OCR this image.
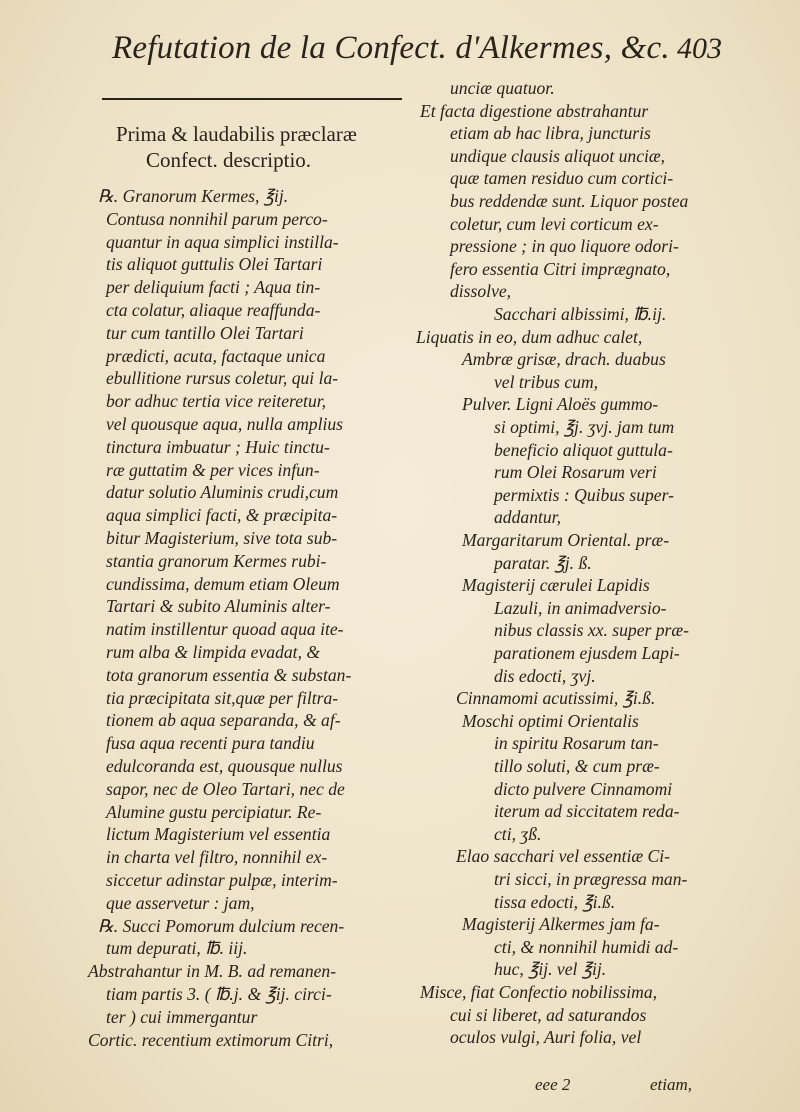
Refutation de la Confect. d'Alkermes, &c. 403
Prima & laudabilis præclaræ
Confect. descriptio.
℞. Granorum Kermes, ℥ij.
Contusa nonnihil parum perco-
quantur in aqua simplici instilla-
tis aliquot guttulis Olei Tartari
per deliquium facti ; Aqua tin-
cta colatur, aliaque reaffunda-
tur cum tantillo Olei Tartari
prædicti, acuta, factaque unica
ebullitione rursus coletur, qui la-
bor adhuc tertia vice reiteretur,
vel quousque aqua, nulla amplius
tinctura imbuatur ; Huic tinctu-
ræ guttatim & per vices infun-
datur solutio Aluminis crudi,cum
aqua simplici facti, & præcipita-
bitur Magisterium, sive tota sub-
stantia granorum Kermes rubi-
cundissima, demum etiam Oleum
Tartari & subito Aluminis alter-
natim instillentur quoad aqua ite-
rum alba & limpida evadat, &
tota granorum essentia & substan-
tia præcipitata sit,quæ per filtra-
tionem ab aqua separanda, & af-
fusa aqua recenti pura tandiu
edulcoranda est, quousque nullus
sapor, nec de Oleo Tartari, nec de
Alumine gustu percipiatur. Re-
lictum Magisterium vel essentia
in charta vel filtro, nonnihil ex-
siccetur adinstar pulpæ, interim-
que asservetur : jam,
℞. Succi Pomorum dulcium recen-
tum depurati, ℔. iij.
Abstrahantur in M. B. ad remanen-
tiam partis 3. ( ℔.j. & ℥ij. circi-
ter ) cui immergantur
Cortic. recentium extimorum Citri,
unciæ quatuor.
Et facta digestione abstrahantur
etiam ab hac libra, juncturis
undique clausis aliquot unciæ,
quæ tamen residuo cum cortici-
bus reddendæ sunt. Liquor postea
coletur, cum levi corticum ex-
pressione ; in quo liquore odori-
fero essentia Citri imprægnato,
dissolve,
Sacchari albissimi, ℔.ij.
Liquatis in eo, dum adhuc calet,
Ambræ grisæ, drach. duabus
vel tribus cum,
Pulver. Ligni Aloës gummo-
si optimi, ℥j. ʒvj. jam tum
beneficio aliquot guttula-
rum Olei Rosarum veri
permixtis : Quibus super-
addantur,
Margaritarum Oriental. præ-
paratar. ℥j. ß.
Magisterij cærulei Lapidis
Lazuli, in animadversio-
nibus classis xx. super præ-
parationem ejusdem Lapi-
dis edocti, ʒvj.
Cinnamomi acutissimi, ℥i.ß.
Moschi optimi Orientalis
in spiritu Rosarum tan-
tillo soluti, & cum præ-
dicto pulvere Cinnamomi
iterum ad siccitatem reda-
cti, ʒß.
Elao sacchari vel essentiæ Ci-
tri sicci, in prægressa man-
tissa edocti, ℥i.ß.
Magisterij Alkermes jam fa-
cti, & nonnihil humidi ad-
huc, ℥ij. vel ℥ij.
Misce, fiat Confectio nobilissima,
cui si liberet, ad saturandos
oculos vulgi, Auri folia, vel
eee 2	etiam,
